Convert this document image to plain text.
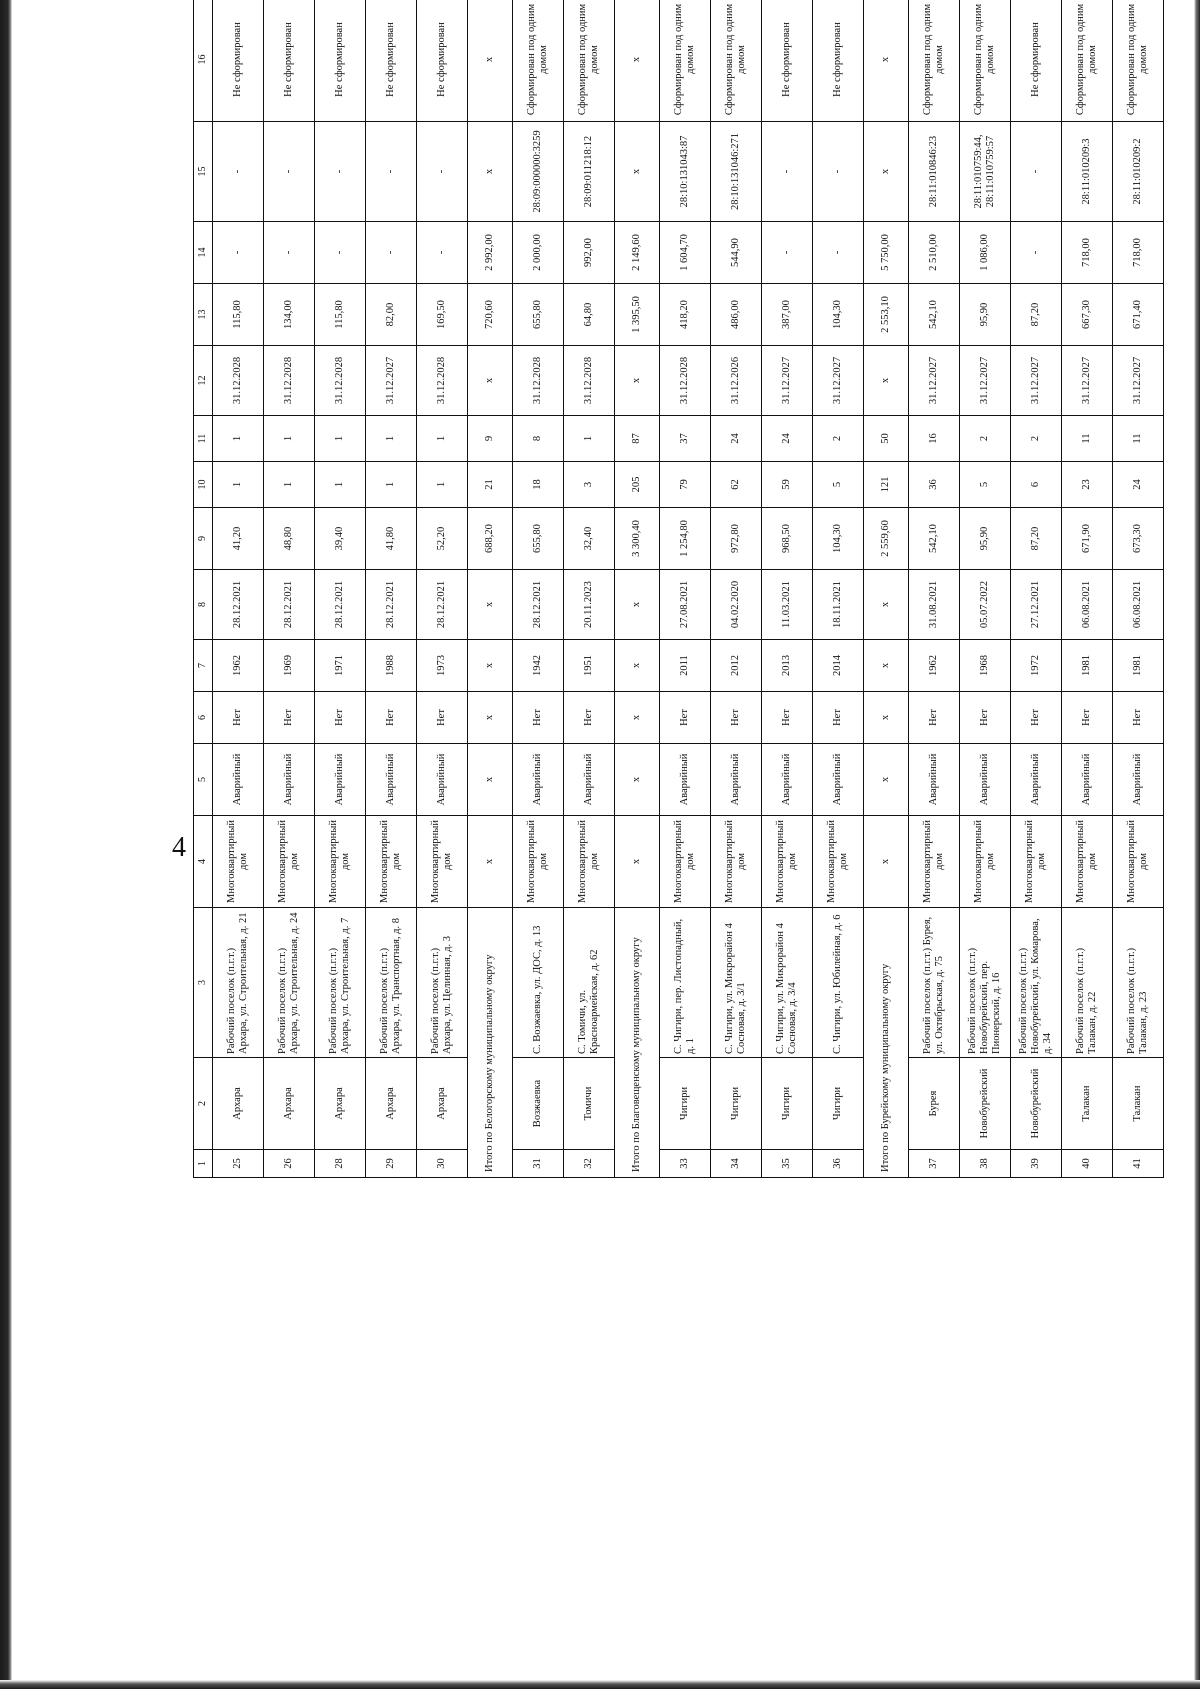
4
1	2	3	4	5	6	7	8	9	10	11	12	13	14	15	16
25	Архара	Рабочий поселок (п.г.т.) Архара, ул. Строительная, д. 21	Многоквартирный дом	Аварийный	Нет	1962	28.12.2021	41,20	1	1	31.12.2028	115,80	-	-	Не сформирован
26	Архара	Рабочий поселок (п.г.т.) Архара, ул. Строительная, д. 24	Многоквартирный дом	Аварийный	Нет	1969	28.12.2021	48,80	1	1	31.12.2028	134,00	-	-	Не сформирован
28	Архара	Рабочий поселок (п.г.т.) Архара, ул. Строительная, д. 7	Многоквартирный дом	Аварийный	Нет	1971	28.12.2021	39,40	1	1	31.12.2028	115,80	-	-	Не сформирован
29	Архара	Рабочий поселок (п.г.т.) Архара, ул. Транспортная, д. 8	Многоквартирный дом	Аварийный	Нет	1988	28.12.2021	41,80	1	1	31.12.2027	82,00	-	-	Не сформирован
30	Архара	Рабочий поселок (п.г.т.) Архара, ул. Целинная, д. 3	Многоквартирный дом	Аварийный	Нет	1973	28.12.2021	52,20	1	1	31.12.2028	169,50	-	-	Не сформирован
Итого по Белогорскому муниципальному округу			х	х	х	х	х	688,20	21	9	х	720,60	2 992,00	х	х
31	Возжаевка	С. Возжаевка, ул. ДОС, д. 13	Многоквартирный дом	Аварийный	Нет	1942	28.12.2021	655,80	18	8	31.12.2028	655,80	2 000,00	28:09:000000:3259	Сформирован под одним домом
32	Томичи	С. Томичи, ул. Красноармейская, д. 62	Многоквартирный дом	Аварийный	Нет	1951	20.11.2023	32,40	3	1	31.12.2028	64,80	992,00	28:09:011218:12	Сформирован под одним домом
Итого по Благовещенскому муниципальному округу			х	х	х	х	х	3 300,40	205	87	х	1 395,50	2 149,60	х	х
33	Чигири	С. Чигири, пер. Листопадный, д. 1	Многоквартирный дом	Аварийный	Нет	2011	27.08.2021	1 254,80	79	37	31.12.2028	418,20	1 604,70	28:10:131043:87	Сформирован под одним домом
34	Чигири	С. Чигири, ул. Микрорайон 4 Сосновая, д. 3/1	Многоквартирный дом	Аварийный	Нет	2012	04.02.2020	972,80	62	24	31.12.2026	486,00	544,90	28:10:131046:271	Сформирован под одним домом
35	Чигири	С. Чигири, ул. Микрорайон 4 Сосновая, д. 3/4	Многоквартирный дом	Аварийный	Нет	2013	11.03.2021	968,50	59	24	31.12.2027	387,00	-	-	Не сформирован
36	Чигири	С. Чигири, ул. Юбилейная, д. 6	Многоквартирный дом	Аварийный	Нет	2014	18.11.2021	104,30	5	2	31.12.2027	104,30	-	-	Не сформирован
Итого по Бурейскому муниципальному округу			х	х	х	х	х	2 559,60	121	50	х	2 553,10	5 750,00	х	х
37	Бурея	Рабочий поселок (п.г.т.) Бурея, ул. Октябрьская, д. 75	Многоквартирный дом	Аварийный	Нет	1962	31.08.2021	542,10	36	16	31.12.2027	542,10	2 510,00	28:11:010846:23	Сформирован под одним домом
38	Новобурейский	Рабочий поселок (п.г.т.) Новобурейский, пер. Пионерский, д. 16	Многоквартирный дом	Аварийный	Нет	1968	05.07.2022	95,90	5	2	31.12.2027	95,90	1 086,00	28:11:010759:44, 28:11:010759:57	Сформирован под одним домом
39	Новобурейский	Рабочий поселок (п.г.т.) Новобурейский, ул. Комарова, д. 34	Многоквартирный дом	Аварийный	Нет	1972	27.12.2021	87,20	6	2	31.12.2027	87,20	-	-	Не сформирован
40	Талакан	Рабочий поселок (п.г.т.) Талакан, д. 22	Многоквартирный дом	Аварийный	Нет	1981	06.08.2021	671,90	23	11	31.12.2027	667,30	718,00	28:11:010209:3	Сформирован под одним домом
41	Талакан	Рабочий поселок (п.г.т.) Талакан, д. 23	Многоквартирный дом	Аварийный	Нет	1981	06.08.2021	673,30	24	11	31.12.2027	671,40	718,00	28:11:010209:2	Сформирован под одним домом
